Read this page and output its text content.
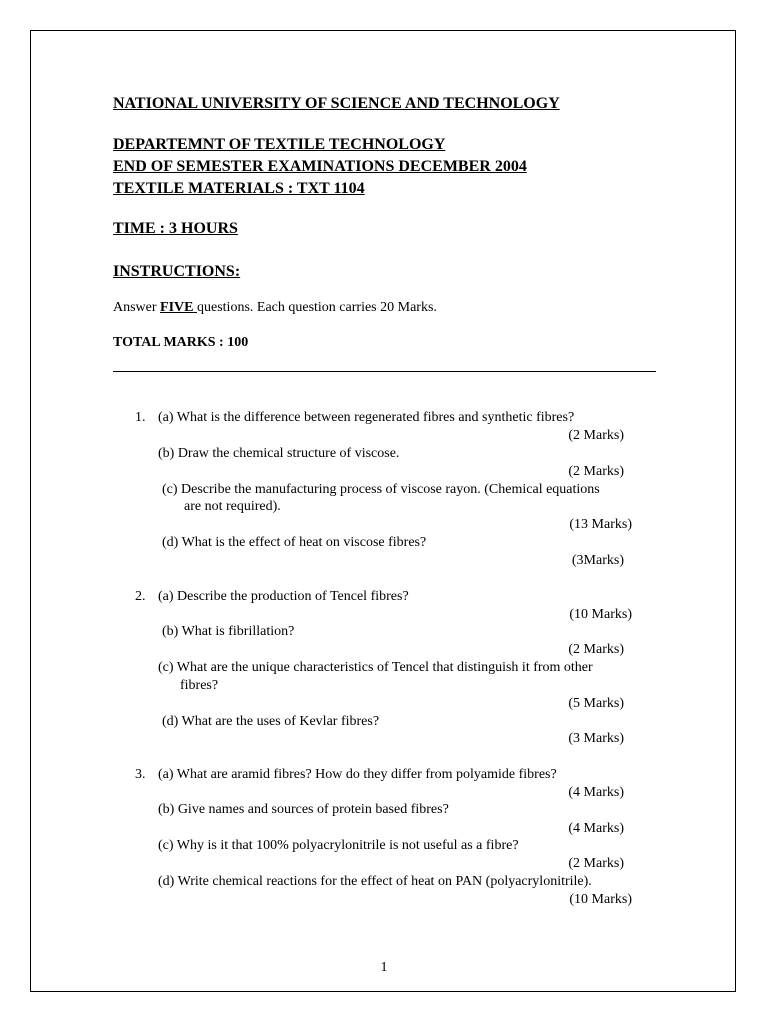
NATIONAL UNIVERSITY OF SCIENCE AND TECHNOLOGY
DEPARTEMNT OF TEXTILE TECHNOLOGY
END OF SEMESTER EXAMINATIONS DECEMBER 2004
TEXTILE MATERIALS : TXT 1104
TIME : 3 HOURS
INSTRUCTIONS:
Answer FIVE questions. Each question carries 20 Marks.
TOTAL MARKS : 100
1. (a) What is the difference between regenerated fibres and synthetic fibres?
(2 Marks)
(b) Draw the chemical structure of viscose.
(2 Marks)
(c) Describe the manufacturing process of viscose rayon. (Chemical equations
are not required).
(13 Marks)
(d) What is the effect of heat on viscose fibres?
(3Marks)
2. (a) Describe the production of Tencel fibres?
(10 Marks)
(b) What is fibrillation?
(2 Marks)
(c) What are the unique characteristics of Tencel that distinguish it from other
fibres?
(5 Marks)
(d) What are the uses of Kevlar fibres?
(3 Marks)
3. (a) What are aramid fibres? How do they differ from polyamide fibres?
(4 Marks)
(b) Give names and sources of protein based fibres?
(4 Marks)
(c) Why is it that 100% polyacrylonitrile is not useful as a fibre?
(2 Marks)
(d) Write chemical reactions for the effect of heat on PAN (polyacrylonitrile).
(10 Marks)
1
